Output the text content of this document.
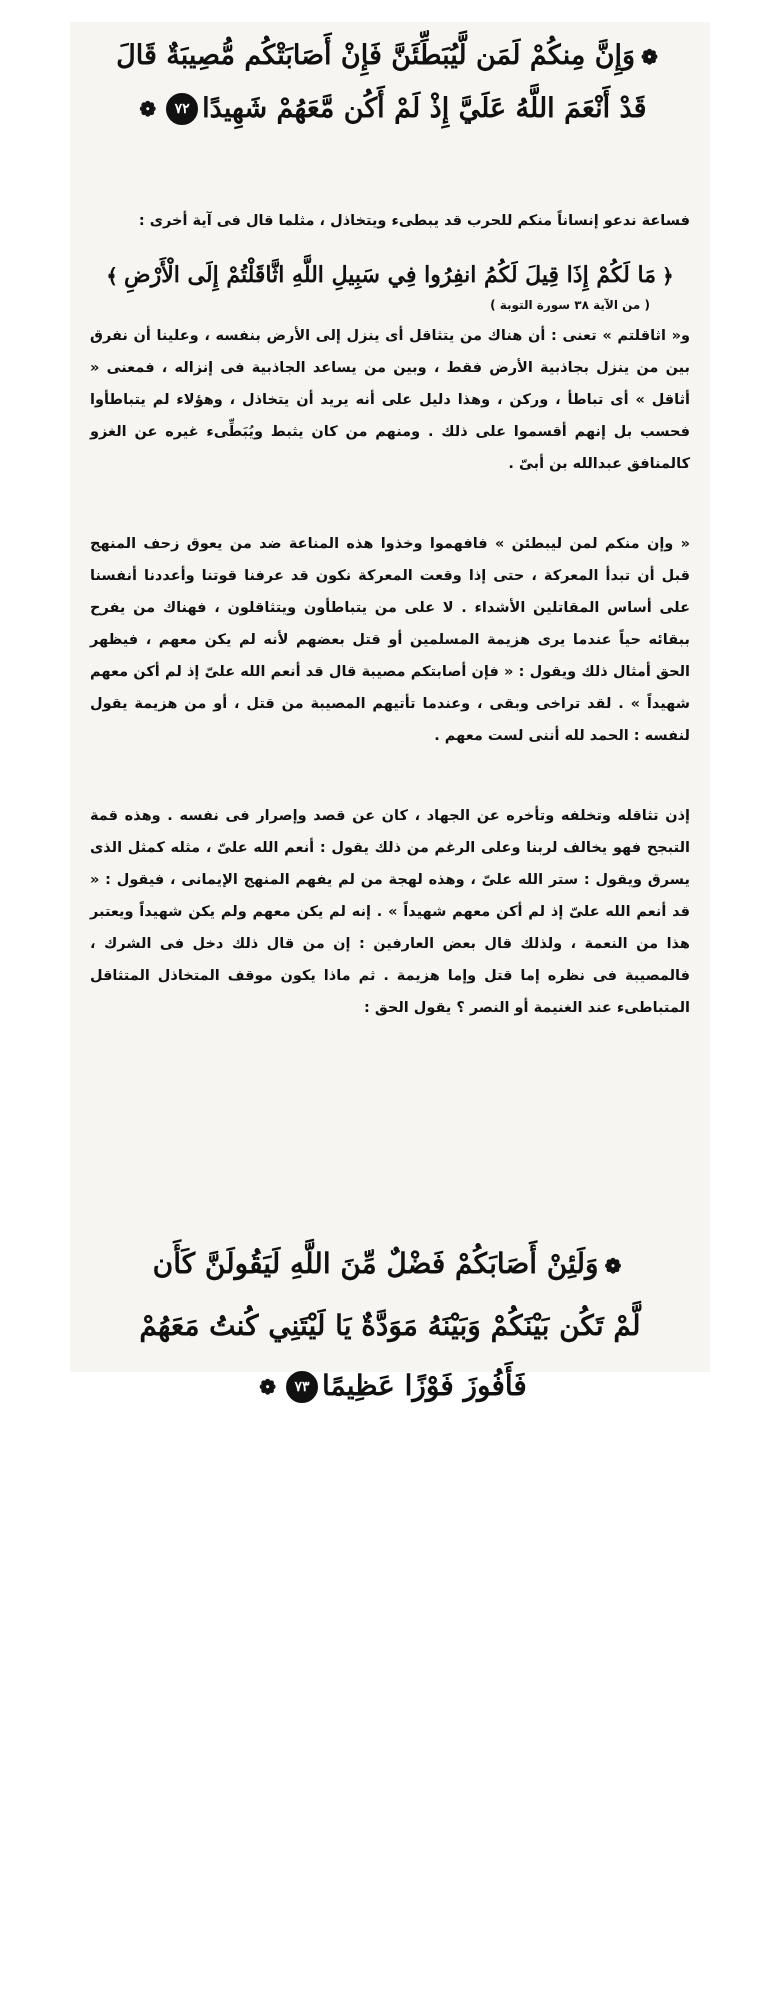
❁وَإِنَّ مِنكُمْ لَمَن لَّيُبَطِّئَنَّ فَإِنْ أَصَابَتْكُم مُّصِيبَةٌ قَالَ
قَدْ أَنْعَمَ اللَّهُ عَلَيَّ إِذْ لَمْ أَكُن مَّعَهُمْ شَهِيدًا٧٢❁
فساعة ندعو إنساناً منكم للحرب قد يبطىء ويتخاذل ، مثلما قال فى آية أخرى :
﴿مَا لَكُمْ إِذَا قِيلَ لَكُمُ انفِرُوا فِي سَبِيلِ اللَّهِ اثَّاقَلْتُمْ إِلَى الْأَرْضِ﴾
( من الآية ٣٨ سورة التوبة )
و« اثاقلتم » تعنى : أن هناك من يتثاقل أى ينزل إلى الأرض بنفسه ، وعلينا أن نفرق بين من ينزل بجاذبية الأرض فقط ، وبين من يساعد الجاذبية فى إنزاله ، فمعنى « أثاقل » أى تباطأ ، وركن ، وهذا دليل على أنه يريد أن يتخاذل ، وهؤلاء لم يتباطأوا فحسب بل إنهم أقسموا على ذلك . ومنهم من كان يثبط ويُبَطِّىء غيره عن الغزو كالمنافق عبدالله بن أبىّ .
« وإن منكم لمن ليبطئن » فافهموا وخذوا هذه المناعة ضد من يعوق زحف المنهج قبل أن تبدأ المعركة ، حتى إذا وقعت المعركة نكون قد عرفنا قوتنا وأعددنا أنفسنا على أساس المقاتلين الأشداء . لا على من يتباطأون ويتثاقلون ، فهناك من يفرح ببقائه حياً عندما يرى هزيمة المسلمين أو قتل بعضهم لأنه لم يكن معهم ، فيظهر الحق أمثال ذلك ويقول : « فإن أصابتكم مصيبة قال قد أنعم الله علىّ إذ لم أكن معهم شهيداً » . لقد تراخى وبقى ، وعندما تأتيهم المصيبة من قتل ، أو من هزيمة يقول لنفسه : الحمد لله أننى لست معهم .
إذن تثاقله وتخلفه وتأخره عن الجهاد ، كان عن قصد وإصرار فى نفسه . وهذه قمة التبجح فهو يخالف لربنا وعلى الرغم من ذلك يقول : أنعم الله علىّ ، مثله كمثل الذى يسرق ويقول : ستر الله علىّ ، وهذه لهجة من لم يفهم المنهج الإيمانى ، فيقول : « قد أنعم الله علىّ إذ لم أكن معهم شهيداً » . إنه لم يكن معهم ولم يكن شهيداً ويعتبر هذا من النعمة ، ولذلك قال بعض العارفين : إن من قال ذلك دخل فى الشرك ، فالمصيبة فى نظره إما قتل وإما هزيمة . ثم ماذا يكون موقف المتخاذل المتثاقل المتباطىء عند الغنيمة أو النصر ؟ يقول الحق :
❁وَلَئِنْ أَصَابَكُمْ فَضْلٌ مِّنَ اللَّهِ لَيَقُولَنَّ كَأَن
لَّمْ تَكُن بَيْنَكُمْ وَبَيْنَهُ مَوَدَّةٌ يَا لَيْتَنِي كُنتُ مَعَهُمْ
فَأَفُوزَ فَوْزًا عَظِيمًا٧٣❁
